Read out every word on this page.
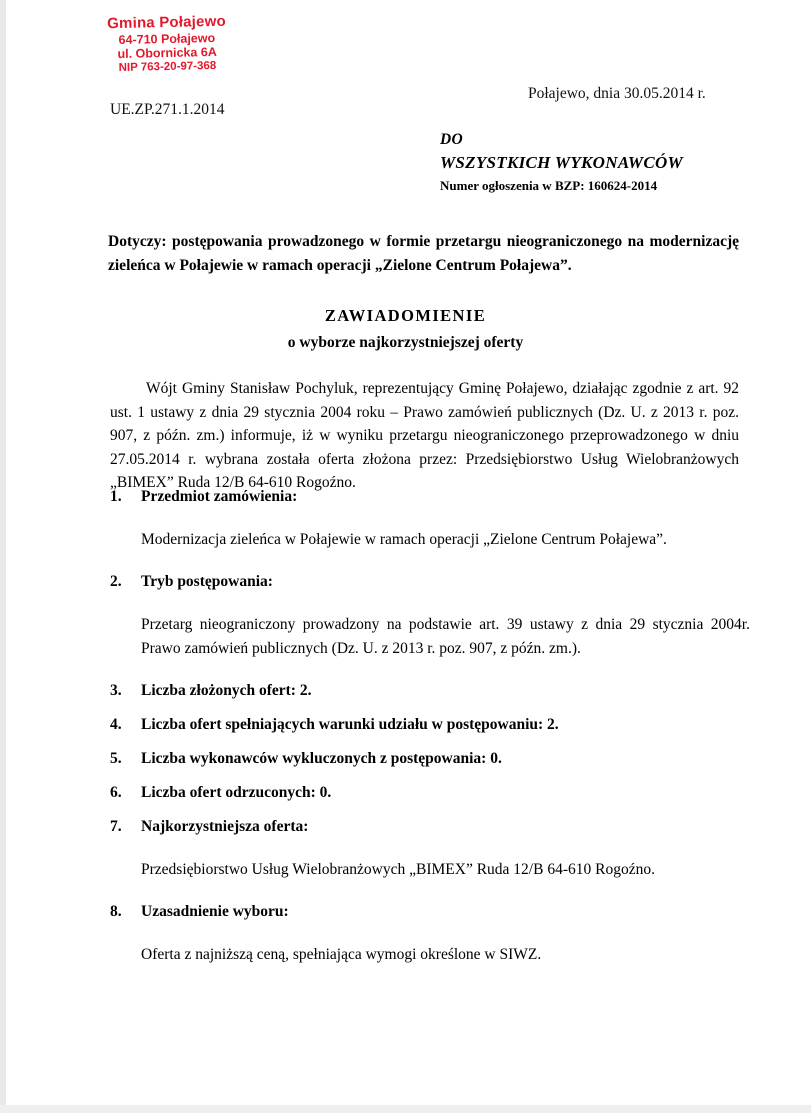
Gmina Połajewo
64-710 Połajewo
ul. Obornicka 6A
NIP 763-20-97-368
Połajewo, dnia 30.05.2014 r.
UE.ZP.271.1.2014
DO
WSZYSTKICH WYKONAWCÓW
Numer ogłoszenia w BZP: 160624-2014
Dotyczy: postępowania prowadzonego w formie przetargu nieograniczonego na modernizację zieleńca w Połajewie w ramach operacji „Zielone Centrum Połajewa”.
ZAWIADOMIENIE
o wyborze najkorzystniejszej oferty
Wójt Gminy Stanisław Pochyluk, reprezentujący Gminę Połajewo, działając zgodnie z art. 92 ust. 1 ustawy z dnia 29 stycznia 2004 roku – Prawo zamówień publicznych (Dz. U. z 2013 r. poz. 907, z późn. zm.) informuje, iż w wyniku przetargu nieograniczonego przeprowadzonego w dniu 27.05.2014 r. wybrana została oferta złożona przez: Przedsiębiorstwo Usług Wielobranżowych „BIMEX” Ruda 12/B 64-610 Rogoźno.
1.	Przedmiot zamówienia:
Modernizacja zieleńca w Połajewie w ramach operacji „Zielone Centrum Połajewa”.
2.	Tryb postępowania:
Przetarg nieograniczony prowadzony na podstawie art. 39 ustawy z dnia 29 stycznia 2004r. Prawo zamówień publicznych (Dz. U. z 2013 r. poz. 907, z późn. zm.).
3.	Liczba złożonych ofert: 2.
4.	Liczba ofert spełniających warunki udziału w postępowaniu: 2.
5.	Liczba wykonawców wykluczonych z postępowania: 0.
6.	Liczba ofert odrzuconych: 0.
7.	Najkorzystniejsza oferta:
Przedsiębiorstwo Usług Wielobranżowych „BIMEX” Ruda 12/B 64-610 Rogoźno.
8.	Uzasadnienie wyboru:
Oferta z najniższą ceną, spełniająca wymogi określone w SIWZ.
